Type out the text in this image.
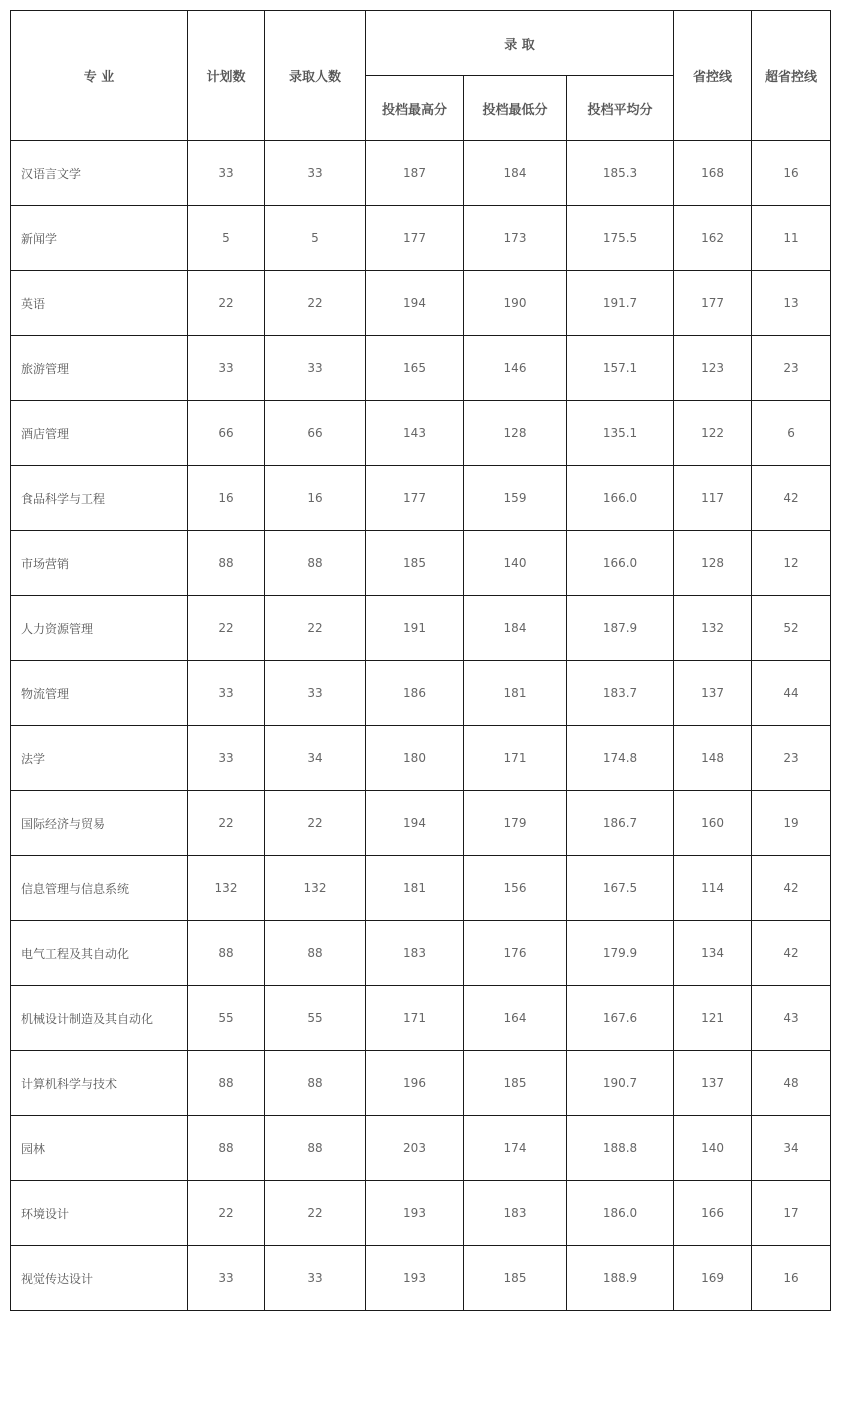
专 业	计划数	录取人数	录 取			省控线	超省控线
			投档最高分	投档最低分	投档平均分		
汉语言文学	33	33	187	184	185.3	168	16
新闻学	5	5	177	173	175.5	162	11
英语	22	22	194	190	191.7	177	13
旅游管理	33	33	165	146	157.1	123	23
酒店管理	66	66	143	128	135.1	122	6
食品科学与工程	16	16	177	159	166.0	117	42
市场营销	88	88	185	140	166.0	128	12
人力资源管理	22	22	191	184	187.9	132	52
物流管理	33	33	186	181	183.7	137	44
法学	33	34	180	171	174.8	148	23
国际经济与贸易	22	22	194	179	186.7	160	19
信息管理与信息系统	132	132	181	156	167.5	114	42
电气工程及其自动化	88	88	183	176	179.9	134	42
机械设计制造及其自动化	55	55	171	164	167.6	121	43
计算机科学与技术	88	88	196	185	190.7	137	48
园林	88	88	203	174	188.8	140	34
环境设计	22	22	193	183	186.0	166	17
视觉传达设计	33	33	193	185	188.9	169	16
